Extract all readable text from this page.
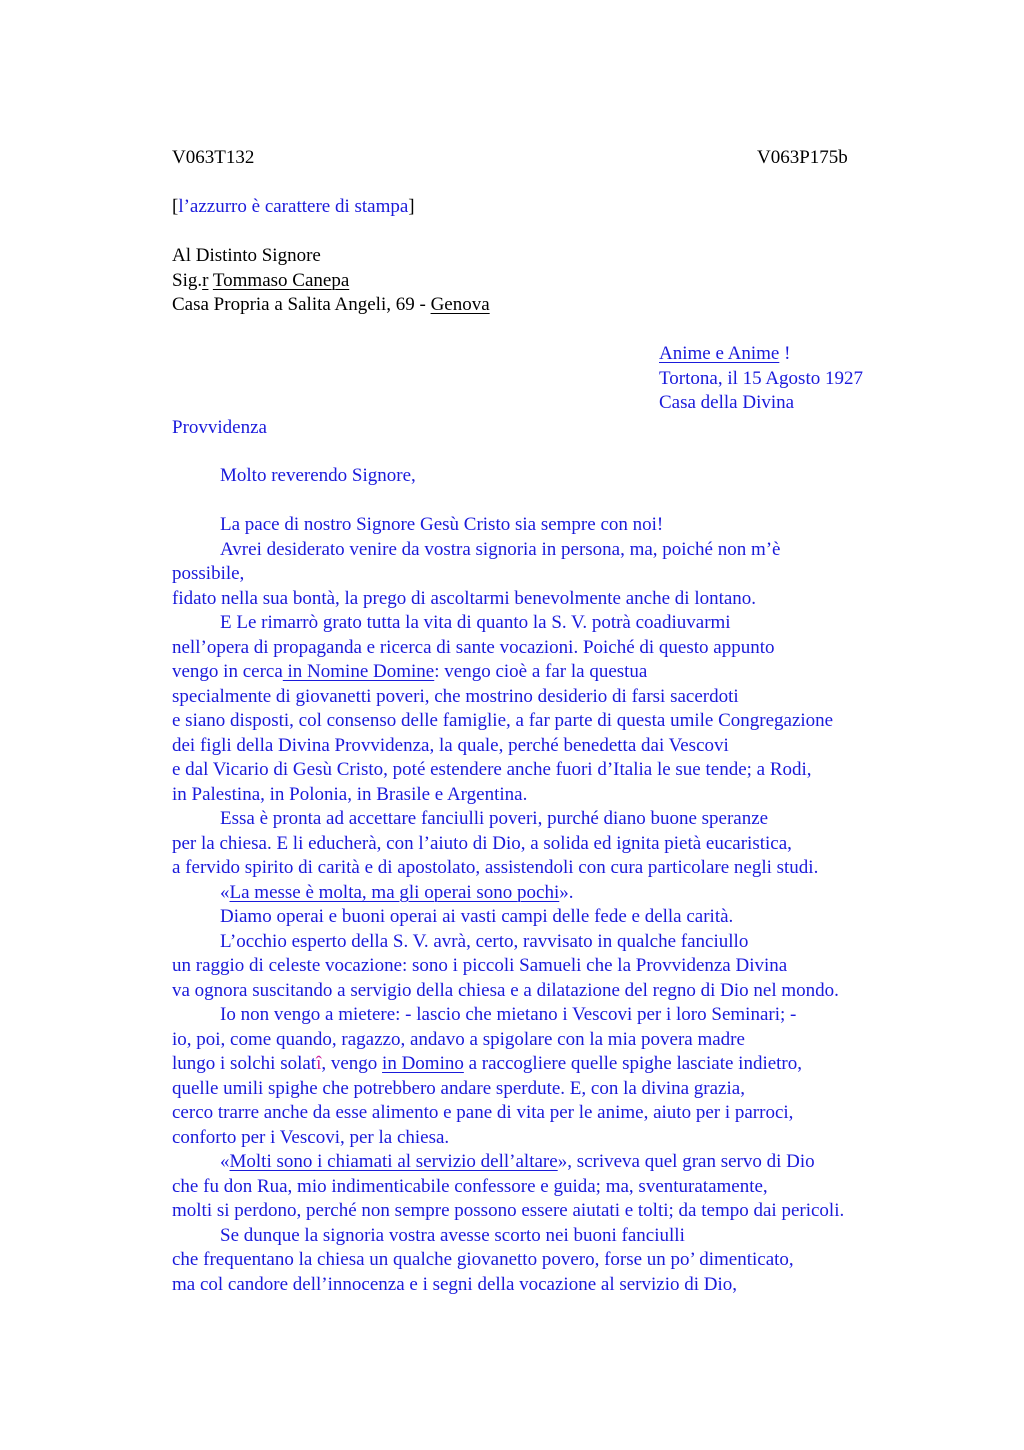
V063T132	V063P175b
[l’azzurro è carattere di stampa]
Al Distinto Signore
Sig.r Tommaso Canepa
Casa Propria a Salita Angeli, 69 - Genova
Anime e Anime !
Tortona, il 15 Agosto 1927
Casa della Divina
Provvidenza
Molto reverendo Signore,
La pace di nostro Signore Gesù Cristo sia sempre con noi!
Avrei desiderato venire da vostra signoria in persona, ma, poiché non m’è
possibile,
fidato nella sua bontà, la prego di ascoltarmi benevolmente anche di lontano.
E Le rimarrò grato tutta la vita di quanto la S. V. potrà coadiuvarmi
nell’opera di propaganda e ricerca di sante vocazioni. Poiché di questo appunto
vengo in cerca in Nomine Domine: vengo cioè a far la questua
specialmente di giovanetti poveri, che mostrino desiderio di farsi sacerdoti
e siano disposti, col consenso delle famiglie, a far parte di questa umile Congregazione
dei figli della Divina Provvidenza, la quale, perché benedetta dai Vescovi
e dal Vicario di Gesù Cristo, poté estendere anche fuori d’Italia le sue tende; a Rodi,
in Palestina, in Polonia, in Brasile e Argentina.
Essa è pronta ad accettare fanciulli poveri, purché diano buone speranze
per la chiesa. E li educherà, con l’aiuto di Dio, a solida ed ignita pietà eucaristica,
a fervido spirito di carità e di apostolato, assistendoli con cura particolare negli studi.
«La messe è molta, ma gli operai sono pochi».
Diamo operai e buoni operai ai vasti campi delle fede e della carità.
L’occhio esperto della S. V. avrà, certo, ravvisato in qualche fanciullo
un raggio di celeste vocazione: sono i piccoli Samueli che la Provvidenza Divina
va ognora suscitando a servigio della chiesa e a dilatazione del regno di Dio nel mondo.
Io non vengo a mietere: - lascio che mietano i Vescovi per i loro Seminari; -
io, poi, come quando, ragazzo, andavo a spigolare con la mia povera madre
lungo i solchi solatî, vengo in Domino a raccogliere quelle spighe lasciate indietro,
quelle umili spighe che potrebbero andare sperdute. E, con la divina grazia,
cerco trarre anche da esse alimento e pane di vita per le anime, aiuto per i parroci,
conforto per i Vescovi, per la chiesa.
«Molti sono i chiamati al servizio dell’altare», scriveva quel gran servo di Dio
che fu don Rua, mio indimenticabile confessore e guida; ma, sventuratamente,
molti si perdono, perché non sempre possono essere aiutati e tolti; da tempo dai pericoli.
Se dunque la signoria vostra avesse scorto nei buoni fanciulli
che frequentano la chiesa un qualche giovanetto povero, forse un po’ dimenticato,
ma col candore dell’innocenza e i segni della vocazione al servizio di Dio,
